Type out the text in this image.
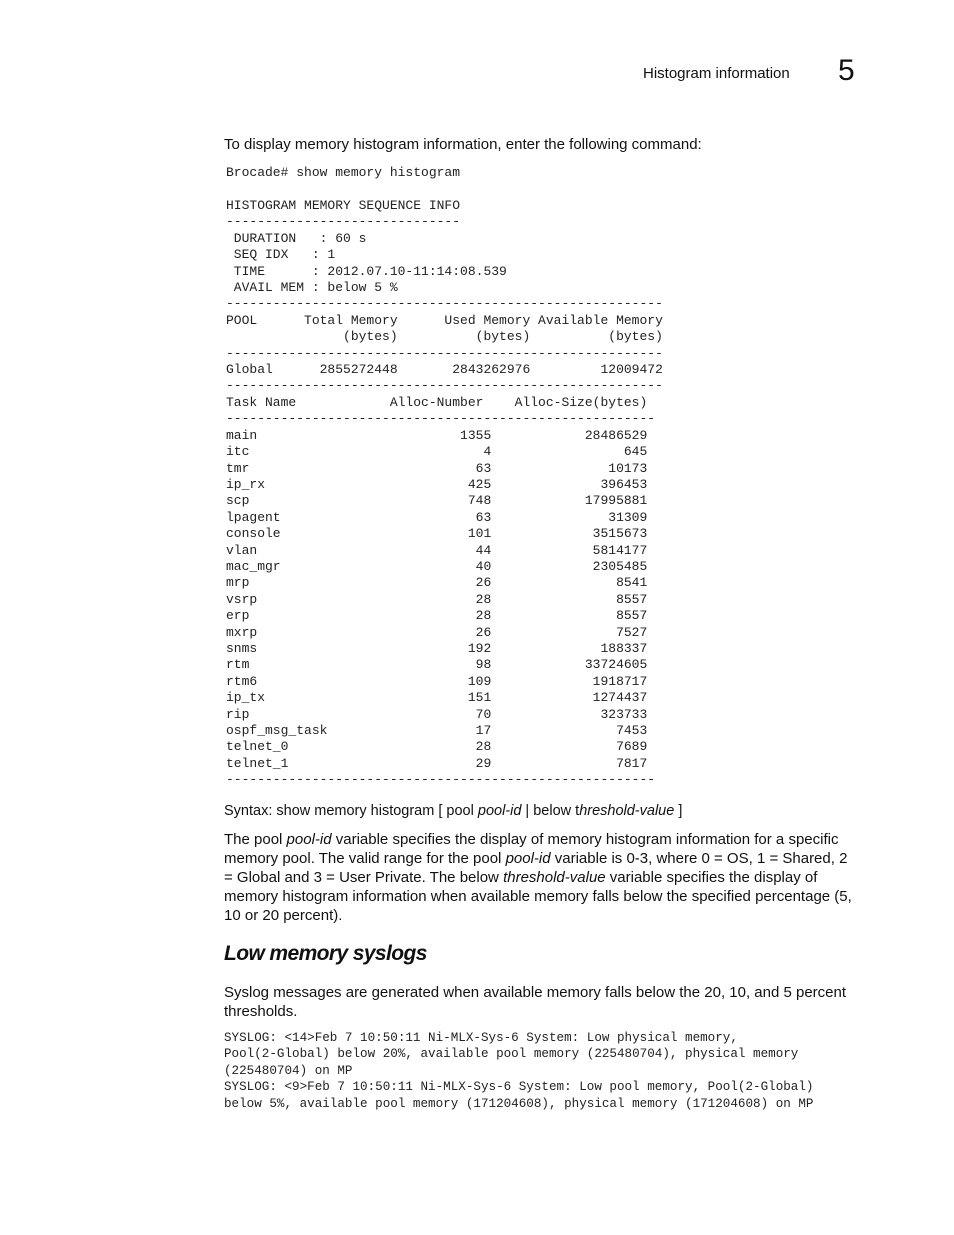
Histogram information 5
To display memory histogram information, enter the following command:
Brocade# show memory histogram
HISTOGRAM MEMORY SEQUENCE INFO
------------------------------
DURATION   : 60 s
SEQ IDX   : 1
TIME      : 2012.07.10-11:14:08.539
AVAIL MEM : below 5 %
--------------------------------------------------------
POOL      Total Memory      Used Memory Available Memory
(bytes)          (bytes)          (bytes)
--------------------------------------------------------
Global      2855272448       2843262976         12009472
--------------------------------------------------------
Task Name            Alloc-Number    Alloc-Size(bytes)
-------------------------------------------------------
main                          1355            28486529
itc                              4                 645
tmr                             63               10173
ip_rx                          425              396453
scp                            748            17995881
lpagent                         63               31309
console                        101             3515673
vlan                            44             5814177
mac_mgr                         40             2305485
mrp                             26                8541
vsrp                            28                8557
erp                             28                8557
mxrp                            26                7527
snms                           192              188337
rtm                             98            33724605
rtm6                           109             1918717
ip_tx                          151             1274437
rip                             70              323733
ospf_msg_task                   17                7453
telnet_0                        28                7689
telnet_1                        29                7817
-------------------------------------------------------
Syntax: show memory histogram [ pool pool-id | below threshold-value ]
The pool pool-id variable specifies the display of memory histogram information for a specific memory pool. The valid range for the pool pool-id variable is 0-3, where 0 = OS, 1 = Shared, 2 = Global and 3 = User Private. The below threshold-value variable specifies the display of memory histogram information when available memory falls below the specified percentage (5, 10 or 20 percent).
Low memory syslogs
Syslog messages are generated when available memory falls below the 20, 10, and 5 percent thresholds.
SYSLOG: <14>Feb 7 10:50:11 Ni-MLX-Sys-6 System: Low physical memory,
Pool(2-Global) below 20%, available pool memory (225480704), physical memory
(225480704) on MP
SYSLOG: <9>Feb 7 10:50:11 Ni-MLX-Sys-6 System: Low pool memory, Pool(2-Global)
below 5%, available pool memory (171204608), physical memory (171204608) on MP
